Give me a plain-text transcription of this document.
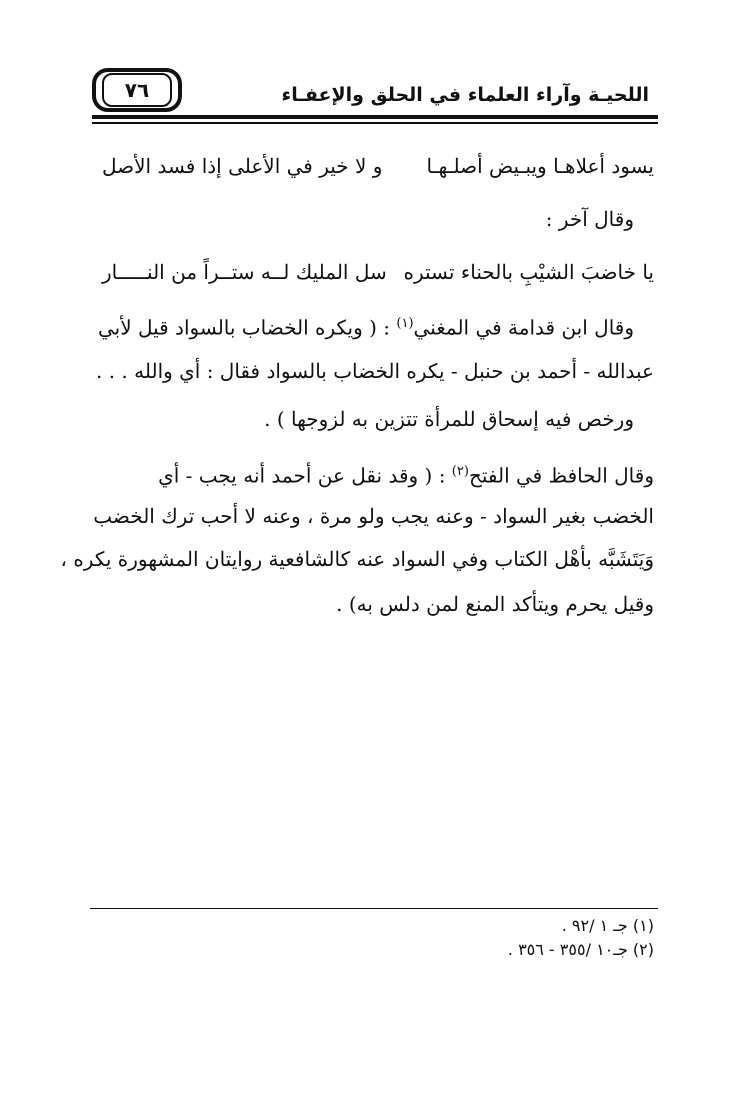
اللحيـة وآراء العلماء في الحلق والإعفـاء
٧٦
يسود أعلاهـا ويبـيض أصلـهـا
و لا خير في الأعلى إذا فسد الأصل
وقال آخر :
يا خاضبَ الشيْبِ بالحناء تستره
سل المليك لــه ستــراً من النـــــار
وقال ابن قدامة في المغني$^{(١)}$ : ( ويكره الخضاب بالسواد قيل لأبي
عبدالله - أحمد بن حنبل - يكره الخضاب بالسواد فقال : أي والله . . .
ورخص فيه إسحاق للمرأة تتزين به لزوجها ) .
وقال الحافظ في الفتح$^{(٢)}$ : ( وقد نقل عن أحمد أنه يجب - أي
الخضب بغير السواد - وعنه يجب ولو مرة ، وعنه لا أحب ترك الخضب
وَيَتَشَبَّه بأهْل الكتاب وفي السواد عنه كالشافعية روايتان المشهورة يكره ،
وقيل يحرم ويتأكد المنع لمن دلس به) .
(١) جـ ١ /٩٢ .
(٢) جـ١٠ /٣٥٥ - ٣٥٦ .
